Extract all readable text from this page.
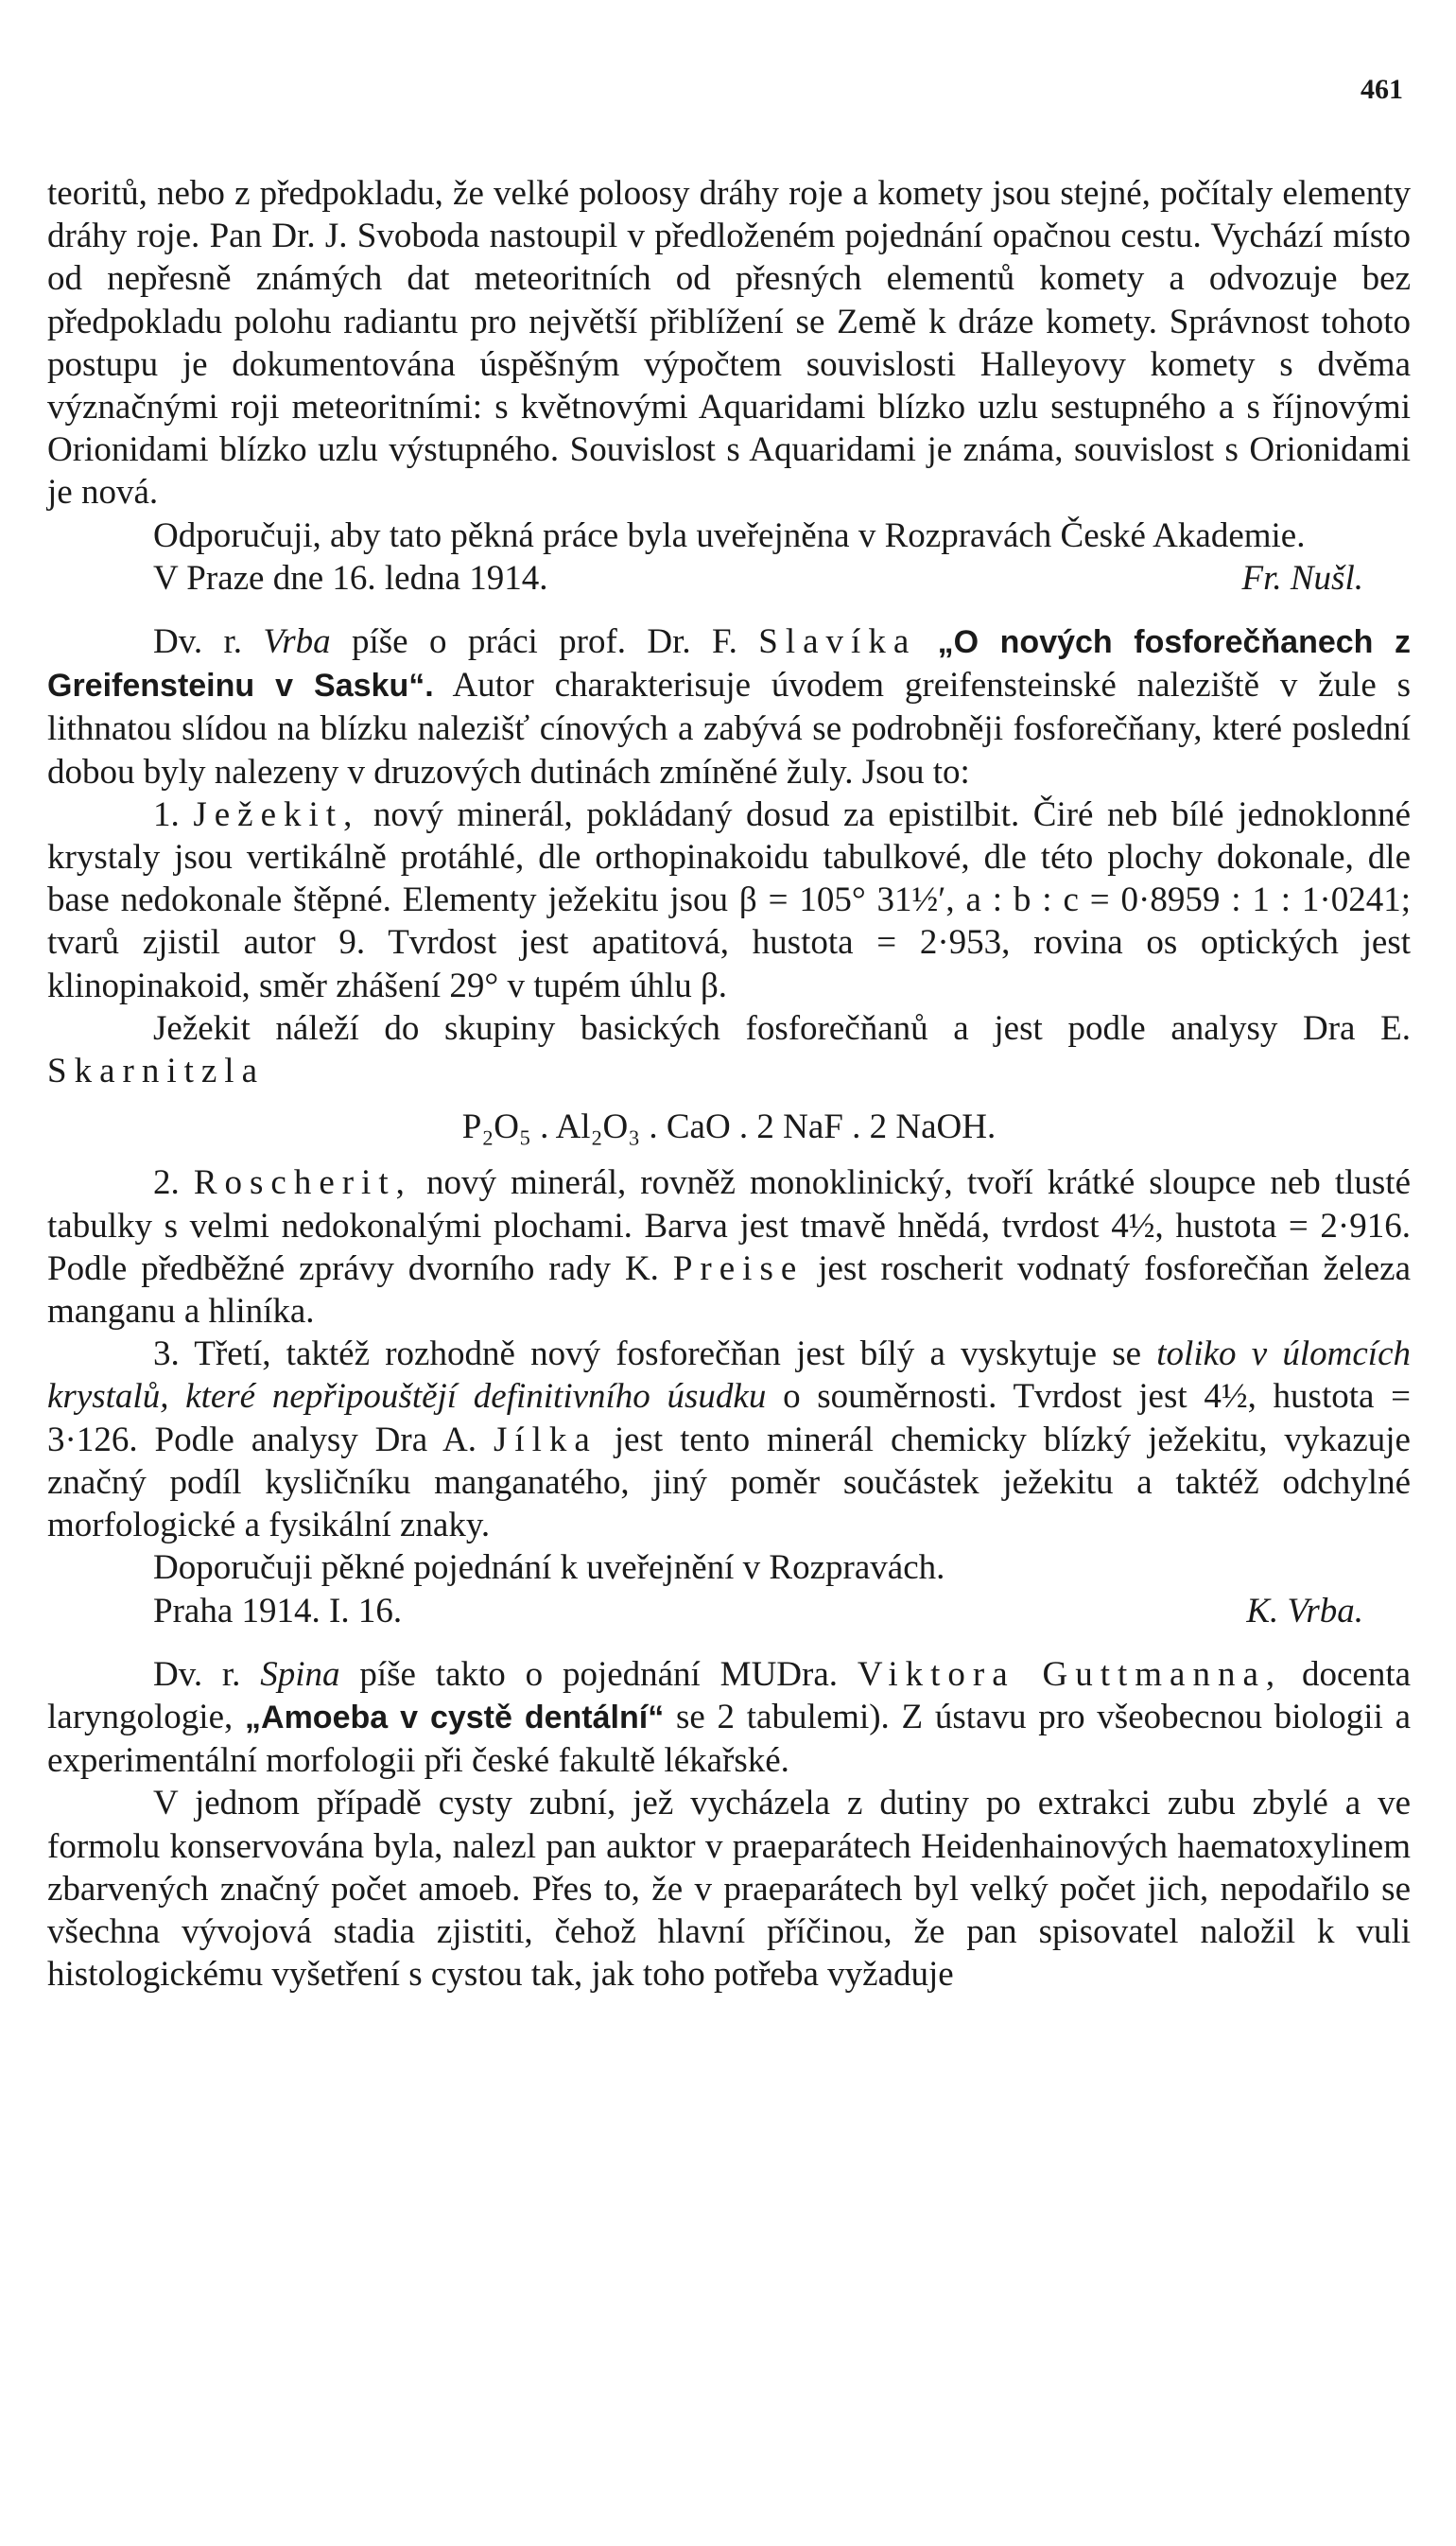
461

teoritů, nebo z předpokladu, že velké poloosy dráhy roje a komety jsou stejné, počítaly elementy dráhy roje. Pan Dr. J. Svoboda nastoupil v předloženém pojednání opačnou cestu. Vychází místo od nepřesně známých dat meteoritních od přesných elementů komety a odvozuje bez předpokladu polohu radiantu pro největší přiblížení se Země k dráze komety. Správnost tohoto postupu je dokumentována úspěšným výpočtem souvislosti Halleyovy komety s dvěma význačnými roji meteoritními: s květnovými Aquaridami blízko uzlu sestupného a s říjnovými Orionidami blízko uzlu výstupného. Souvislost s Aquaridami je známa, souvislost s Orionidami je nová.

Odporučuji, aby tato pěkná práce byla uveřejněna v Rozpravách České Akademie.

V Praze dne 16. ledna 1914.	Fr. Nušl.

Dv. r. Vrba píše o práci prof. Dr. F. Slavíka „O nových fosforečňanech z Greifensteinu v Sasku“. Autor charakterisuje úvodem greifensteinské naleziště v žule s lithnatou slídou na blízku nalezišť cínových a zabývá se podrobněji fosforečňany, které poslední dobou byly nalezeny v druzových dutinách zmíněné žuly. Jsou to:

1. Ježekit, nový minerál, pokládaný dosud za epistilbit. Čiré neb bílé jednoklonné krystaly jsou vertikálně protáhlé, dle orthopinakoidu tabulkové, dle této plochy dokonale, dle base nedokonale štěpné. Elementy ježekitu jsou β = 105° 31½′, a : b : c = 0·8959 : 1 : 1·0241; tvarů zjistil autor 9. Tvrdost jest apatitová, hustota = 2·953, rovina os optických jest klinopinakoid, směr zhášení 29° v tupém úhlu β.

Ježekit náleží do skupiny basických fosforečňanů a jest podle analysy Dra E. Skarnitzla

P₂O₅ . Al₂O₃ . CaO . 2 NaF . 2 NaOH.

2. Roscherit, nový minerál, rovněž monoklinický, tvoří krátké sloupce neb tlusté tabulky s velmi nedokonalými plochami. Barva jest tmavě hnědá, tvrdost 4½, hustota = 2·916. Podle předběžné zprávy dvorního rady K. Preise jest roscherit vodnatý fosforečňan železa manganu a hliníka.

3. Třetí, taktéž rozhodně nový fosforečňan jest bílý a vyskytuje se toliko v úlomcích krystalů, které nepřipouštějí definitivního úsudku o souměrnosti. Tvrdost jest 4½, hustota = 3·126. Podle analysy Dra A. Jílka jest tento minerál chemicky blízký ježekitu, vykazuje značný podíl kysličníku manganatého, jiný poměr součástek ježekitu a taktéž odchylné morfologické a fysikální znaky.

Doporučuji pěkné pojednání k uveřejnění v Rozpravách.

Praha 1914. I. 16.	K. Vrba.

Dv. r. Spina píše takto o pojednání MUDra. Viktora Guttmanna, docenta laryngologie, „Amoeba v cystě dentální“ se 2 tabulemi). Z ústavu pro všeobecnou biologii a experimentální morfologii při české fakultě lékařské.

V jednom případě cysty zubní, jež vycházela z dutiny po extrakci zubu zbylé a ve formolu konservována byla, nalezl pan auktor v praeparátech Heidenhainových haematoxylinem zbarvených značný počet amoeb. Přes to, že v praeparátech byl velký počet jich, nepodařilo se všechna vývojová stadia zjistiti, čehož hlavní příčinou, že pan spisovatel naložil k vuli histologickému vyšetření s cystou tak, jak toho potřeba vyžaduje
